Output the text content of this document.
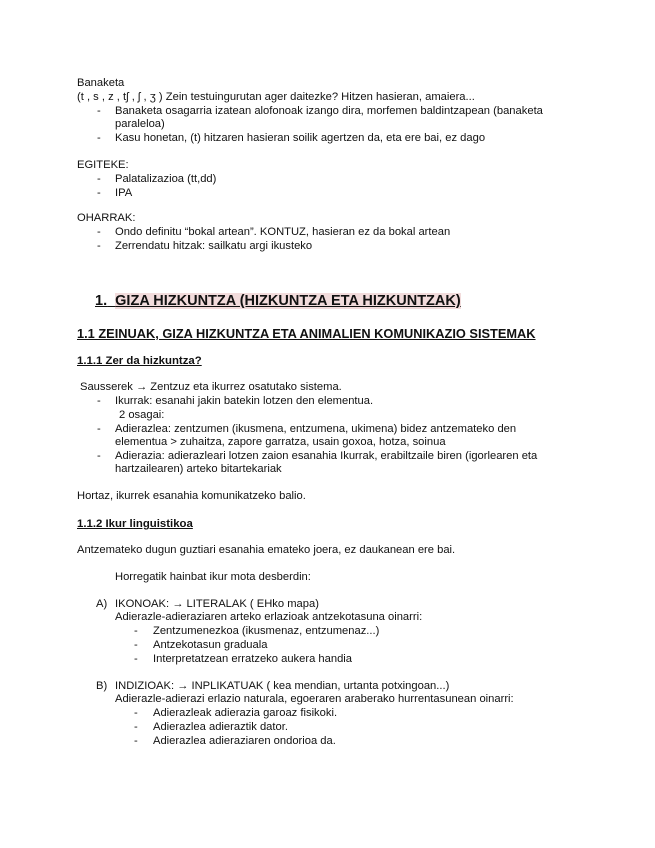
Banaketa
(t , s , z , tʃ , ʃ , ʒ ) Zein testuingurutan ager daitezke? Hitzen hasieran, amaiera...
- Banaketa osagarria izatean alofonoak izango dira, morfemen baldintzapean (banaketa
paraleloa)
- Kasu honetan, (t) hitzaren hasieran soilik agertzen da, eta ere bai, ez dago
EGITEKE:
- Palatalizazioa (tt,dd)
- IPA
OHARRAK:
- Ondo definitu “bokal artean”. KONTUZ, hasieran ez da bokal artean
- Zerrendatu hitzak: sailkatu argi ikusteko
1. GIZA HIZKUNTZA (HIZKUNTZA ETA HIZKUNTZAK)
1.1 ZEINUAK, GIZA HIZKUNTZA ETA ANIMALIEN KOMUNIKAZIO SISTEMAK
1.1.1 Zer da hizkuntza?
Sausserek → Zentzuz eta ikurrez osatutako sistema.
- Ikurrak: esanahi jakin batekin lotzen den elementua.
2 osagai:
- Adierazlea: zentzumen (ikusmena, entzumena, ukimena) bidez antzemateko den
elementua > zuhaitza, zapore garratza, usain goxoa, hotza, soinua
- Adierazia: adierazleari lotzen zaion esanahia Ikurrak, erabiltzaile biren (igorlearen eta
hartzailearen) arteko bitartekariak
Hortaz, ikurrek esanahia komunikatzeko balio.
1.1.2 Ikur linguistikoa
Antzemateko dugun guztiari esanahia emateko joera, ez daukanean ere bai.
Horregatik hainbat ikur mota desberdin:
A) IKONOAK: → LITERALAK ( EHko mapa)
Adierazle-adieraziaren arteko erlazioak antzekotasuna oinarri:
- Zentzumenezkoa (ikusmenaz, entzumenaz...)
- Antzekotasun graduala
- Interpretatzean erratzeko aukera handia
B) INDIZIOAK: → INPLIKATUAK ( kea mendian, urtanta potxingoan...)
Adierazle-adierazi erlazio naturala, egoeraren araberako hurrentasunean oinarri:
- Adierazleak adierazia garoaz fisikoki.
- Adierazlea adieraztik dator.
- Adierazlea adieraziaren ondorioa da.
